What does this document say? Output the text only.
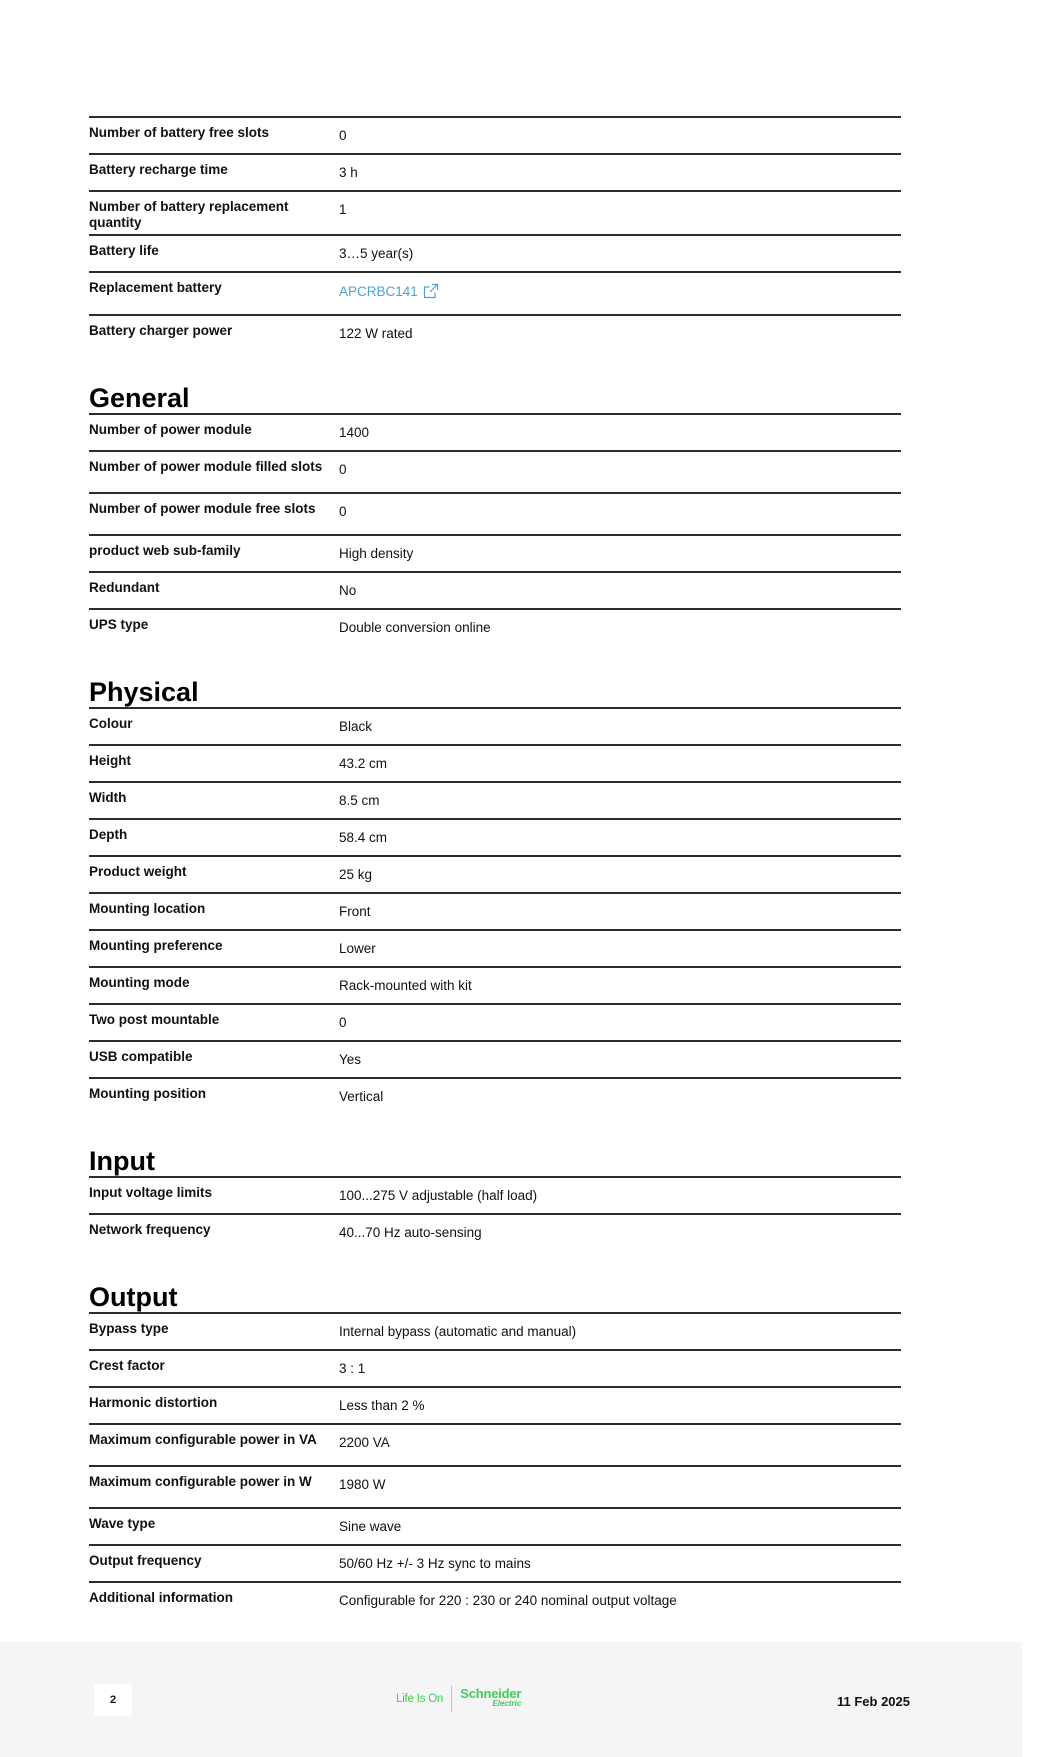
Number of battery free slots	0
Battery recharge time	3 h
Number of battery replacement quantity	1
Battery life	3…5 year(s)
Replacement battery	APCRBC141
Battery charger power	122 W rated
General
Number of power module	1400
Number of power module filled slots	0
Number of power module free slots	0
product web sub-family	High density
Redundant	No
UPS type	Double conversion online
Physical
Colour	Black
Height	43.2 cm
Width	8.5 cm
Depth	58.4 cm
Product weight	25 kg
Mounting location	Front
Mounting preference	Lower
Mounting mode	Rack-mounted with kit
Two post mountable	0
USB compatible	Yes
Mounting position	Vertical
Input
Input voltage limits	100...275 V adjustable (half load)
Network frequency	40...70 Hz auto-sensing
Output
Bypass type	Internal bypass (automatic and manual)
Crest factor	3 : 1
Harmonic distortion	Less than 2 %
Maximum configurable power in VA	2200 VA
Maximum configurable power in W	1980 W
Wave type	Sine wave
Output frequency	50/60 Hz +/- 3 Hz sync to mains
Additional information	Configurable for 220 : 230 or 240 nominal output voltage
2	Life Is On Schneider
Electric	11 Feb 2025
